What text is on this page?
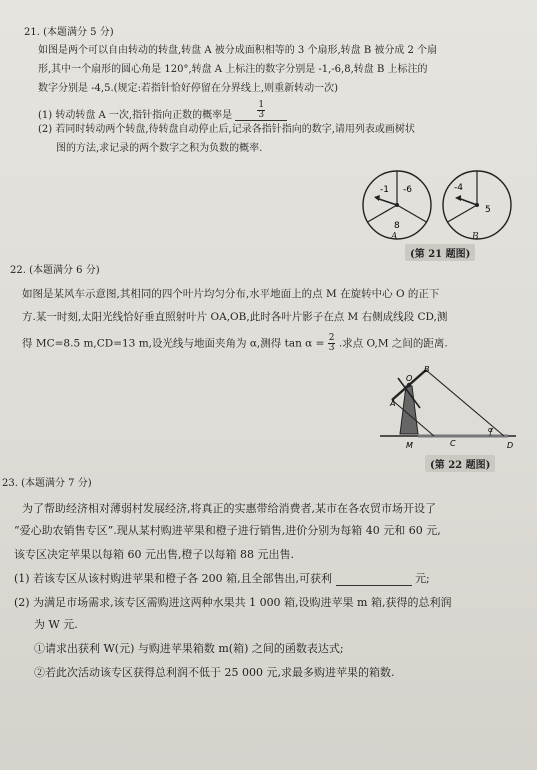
21. (本题满分 5 分)
如图是两个可以自由转动的转盘,转盘 A 被分成面积相等的 3 个扇形,转盘 B 被分成 2 个扇
形,其中一个扇形的圆心角是 120°,转盘 A 上标注的数字分别是 -1,-6,8,转盘 B 上标注的
数字分别是 -4,5.(规定:若指针恰好停留在分界线上,则重新转动一次)
(1) 转动转盘 A 一次,指针指向正数的概率是	$\frac{1}{3}$
(2) 若同时转动两个转盘,待转盘自动停止后,记录各指针指向的数字,请用列表或画树状
图的方法,求记录的两个数字之积为负数的概率.
-1 -6
8
A
-4
5
B
(第 21 题图)
22. (本题满分 6 分)
如图是某风车示意图,其相同的四个叶片均匀分布,水平地面上的点 M 在旋转中心 O 的正下
方.某一时刻,太阳光线恰好垂直照射叶片 OA,OB,此时各叶片影子在点 M 右侧成线段 CD,测
得 MC=8.5 m,CD=13 m,设光线与地面夹角为 α,测得 $\tan \alpha = \frac{2}{3}$ .求点 O,M 之间的距离.
O
A
B
M	C	D
α
(第 22 题图)
23. (本题满分 7 分)
为了帮助经济相对薄弱村发展经济,将真正的实惠带给消费者,某市在各农贸市场开设了
“爱心助农销售专区”.现从某村购进苹果和橙子进行销售,进价分别为每箱 40 元和 60 元,
该专区决定苹果以每箱 60 元出售,橙子以每箱 88 元出售.
(1) 若该专区从该村购进苹果和橙子各 200 箱,且全部售出,可获利	元;
(2) 为满足市场需求,该专区需购进这两种水果共 1 000 箱,设购进苹果 m 箱,获得的总利润
为 W 元.
①请求出获利 W(元) 与购进苹果箱数 m(箱) 之间的函数表达式;
②若此次活动该专区获得总利润不低于 25 000 元,求最多购进苹果的箱数.
